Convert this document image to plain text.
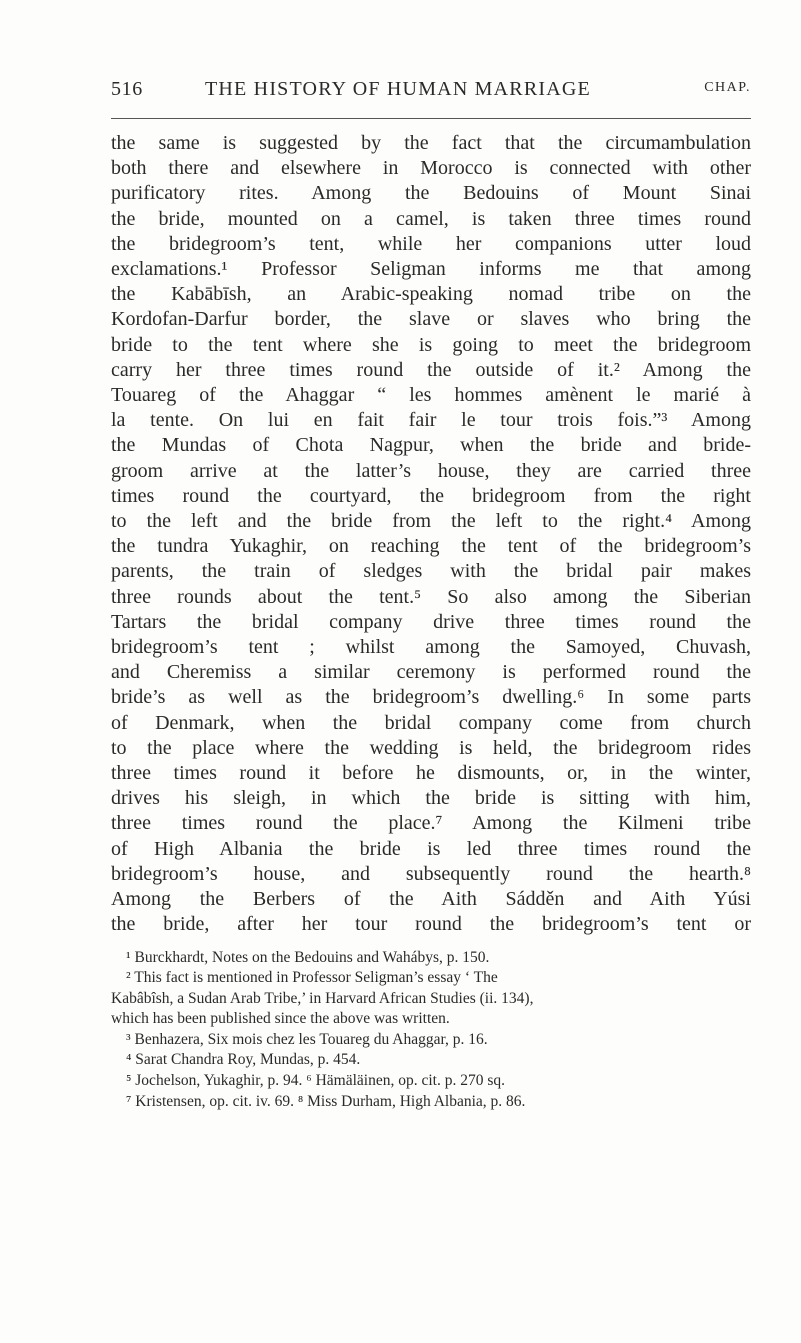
516	THE HISTORY OF HUMAN MARRIAGE	CHAP.
the same is suggested by the fact that the circumambulation
both there and elsewhere in Morocco is connected with other
purificatory rites. Among the Bedouins of Mount Sinai
the bride, mounted on a camel, is taken three times round
the bridegroom’s tent, while her companions utter loud
exclamations.¹ Professor Seligman informs me that among
the Kabābīsh, an Arabic-speaking nomad tribe on the
Kordofan-Darfur border, the slave or slaves who bring the
bride to the tent where she is going to meet the bridegroom
carry her three times round the outside of it.² Among the
Touareg of the Ahaggar “ les hommes amènent le marié à
la tente. On lui en fait fair le tour trois fois.”³ Among
the Mundas of Chota Nagpur, when the bride and bride-
groom arrive at the latter’s house, they are carried three
times round the courtyard, the bridegroom from the right
to the left and the bride from the left to the right.⁴ Among
the tundra Yukaghir, on reaching the tent of the bridegroom’s
parents, the train of sledges with the bridal pair makes
three rounds about the tent.⁵ So also among the Siberian
Tartars the bridal company drive three times round the
bridegroom’s tent ; whilst among the Samoyed, Chuvash,
and Cheremiss a similar ceremony is performed round the
bride’s as well as the bridegroom’s dwelling.⁶ In some parts
of Denmark, when the bridal company come from church
to the place where the wedding is held, the bridegroom rides
three times round it before he dismounts, or, in the winter,
drives his sleigh, in which the bride is sitting with him,
three times round the place.⁷ Among the Kilmeni tribe
of High Albania the bride is led three times round the
bridegroom’s house, and subsequently round the hearth.⁸
Among the Berbers of the Aith Sádděn and Aith Yúsi
the bride, after her tour round the bridegroom’s tent or
¹ Burckhardt, Notes on the Bedouins and Wahábys, p. 150.
² This fact is mentioned in Professor Seligman’s essay ‘ The
Kabâbîsh, a Sudan Arab Tribe,’ in Harvard African Studies (ii. 134),
which has been published since the above was written.
³ Benhazera, Six mois chez les Touareg du Ahaggar, p. 16.
⁴ Sarat Chandra Roy, Mundas, p. 454.
⁵ Jochelson, Yukaghir, p. 94. ⁶ Hämäläinen, op. cit. p. 270 sq.
⁷ Kristensen, op. cit. iv. 69. ⁸ Miss Durham, High Albania, p. 86.
